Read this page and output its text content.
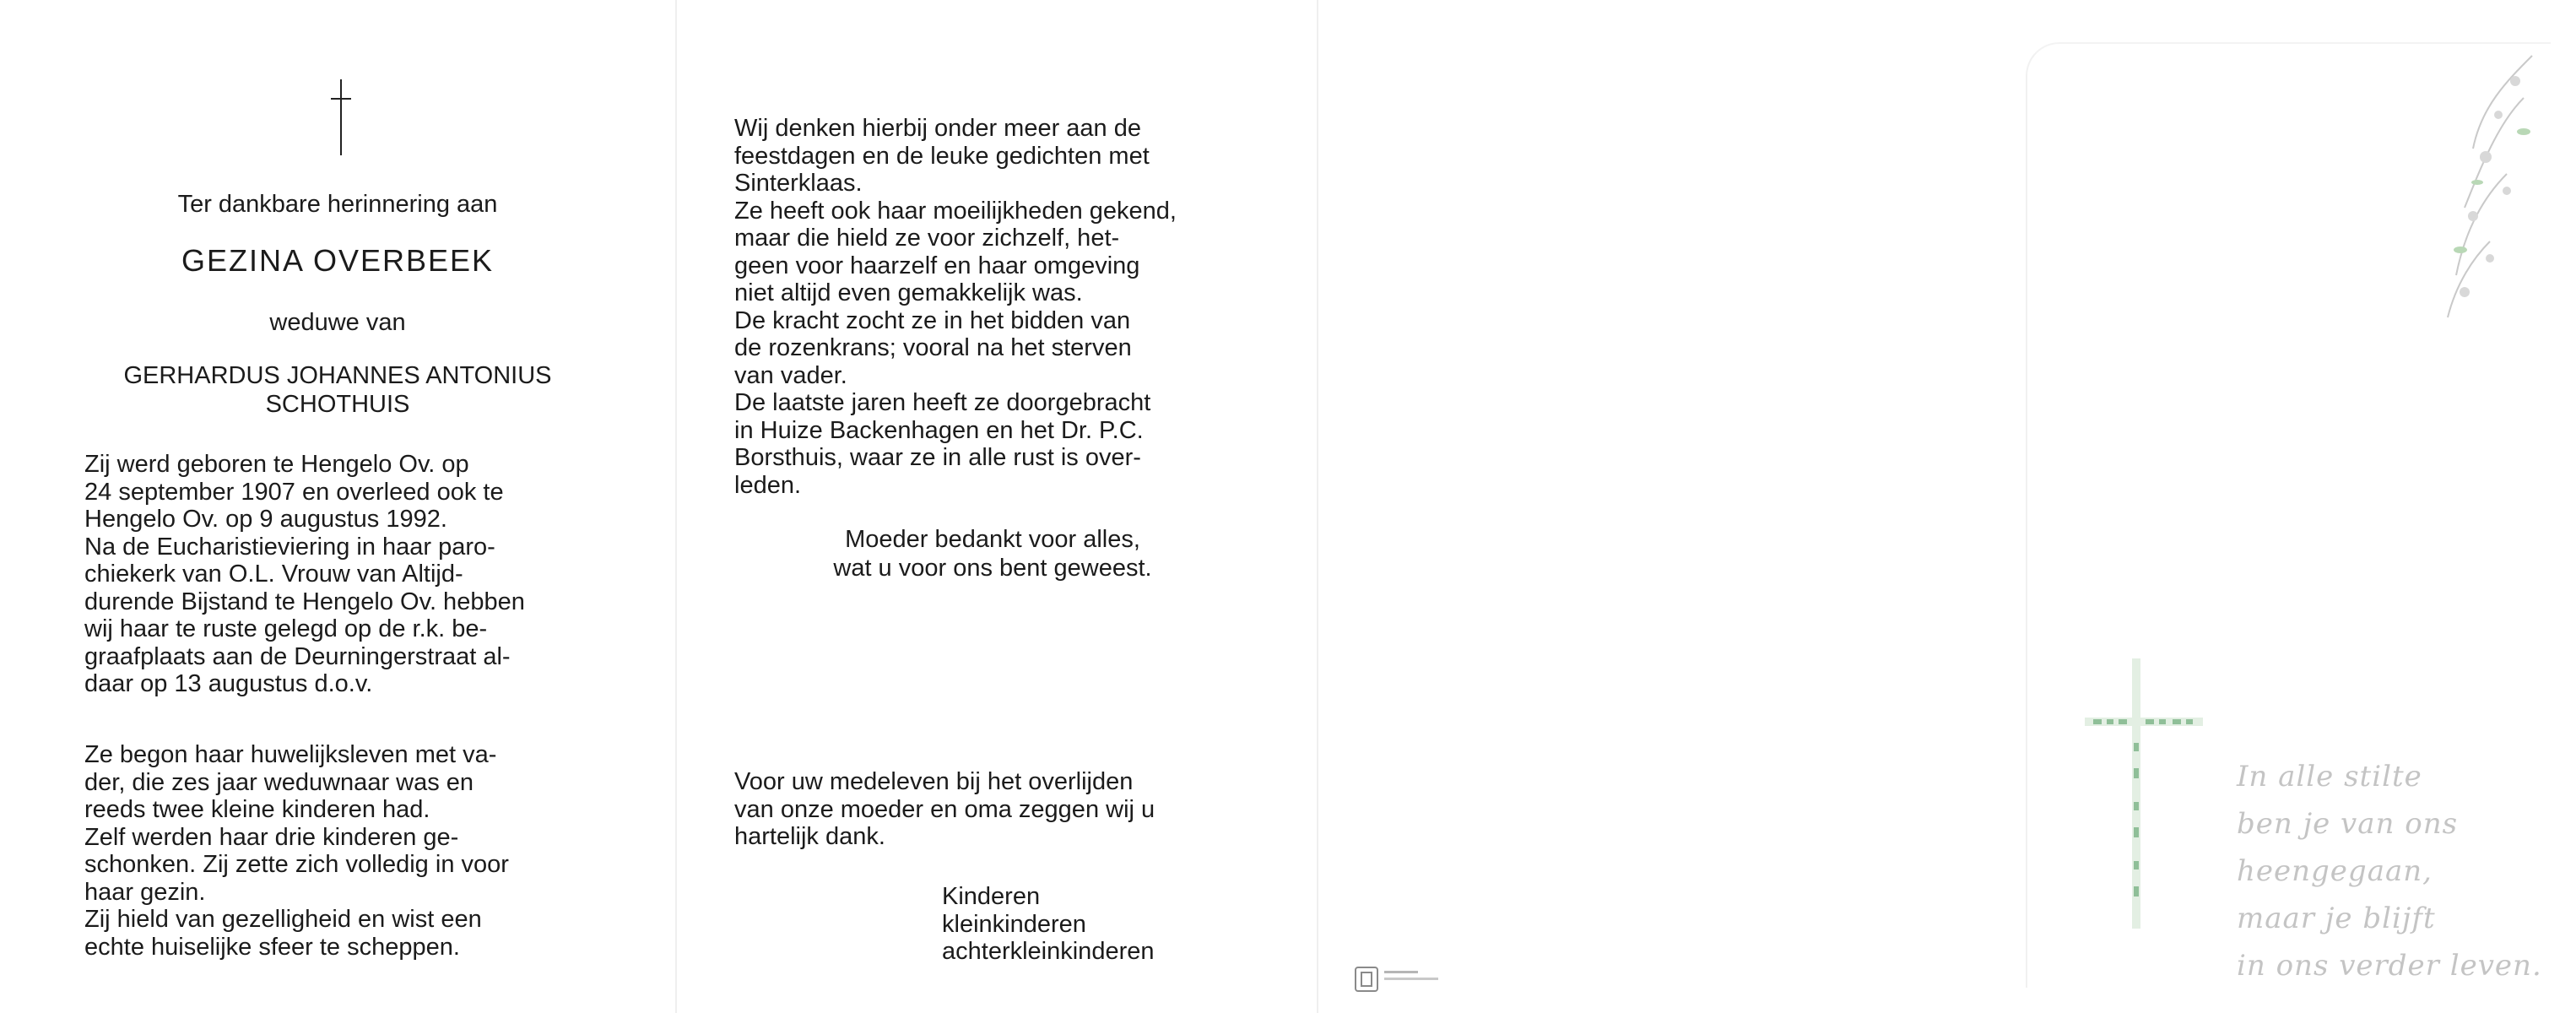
Ter dankbare herinnering aan
GEZINA OVERBEEK
weduwe van
GERHARDUS JOHANNES ANTONIUS
SCHOTHUIS
Zij werd geboren te Hengelo Ov. op
24 september 1907 en overleed ook te
Hengelo Ov. op 9 augustus 1992.
Na de Eucharistieviering in haar paro-
chiekerk van O.L. Vrouw van Altijd-
durende Bijstand te Hengelo Ov. hebben
wij haar te ruste gelegd op de r.k. be-
graafplaats aan de Deurningerstraat al-
daar op 13 augustus d.o.v.
Ze begon haar huwelijksleven met va-
der, die zes jaar weduwnaar was en
reeds twee kleine kinderen had.
Zelf werden haar drie kinderen ge-
schonken. Zij zette zich volledig in voor
haar gezin.
Zij hield van gezelligheid en wist een
echte huiselijke sfeer te scheppen.
Wij denken hierbij onder meer aan de
feestdagen en de leuke gedichten met
Sinterklaas.
Ze heeft ook haar moeilijkheden gekend,
maar die hield ze voor zichzelf, het-
geen voor haarzelf en haar omgeving
niet altijd even gemakkelijk was.
De kracht zocht ze in het bidden van
de rozenkrans; vooral na het sterven
van vader.
De laatste jaren heeft ze doorgebracht
in Huize Backenhagen en het Dr. P.C.
Borsthuis, waar ze in alle rust is over-
leden.
Moeder bedankt voor alles,
wat u voor ons bent geweest.
Voor uw medeleven bij het overlijden
van onze moeder en oma zeggen wij u
hartelijk dank.
Kinderen
kleinkinderen
achterkleinkinderen
In alle stilte
ben je van ons heengegaan,
maar je blijft
in ons verder leven.
